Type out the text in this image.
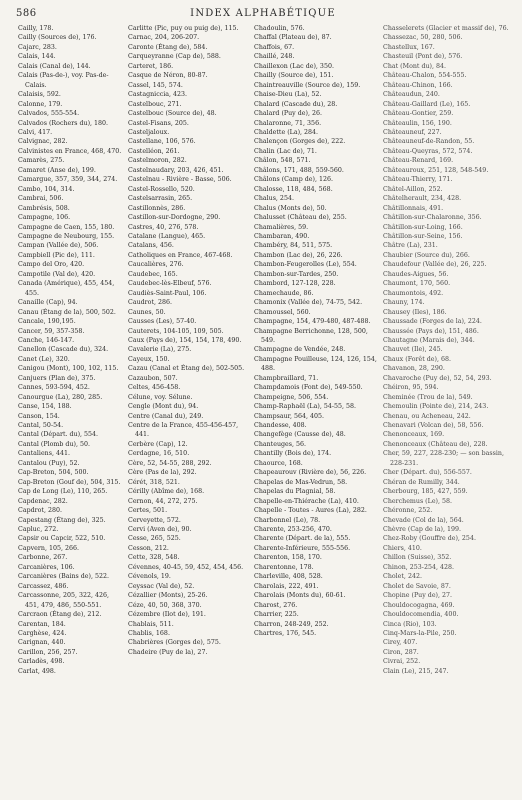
586	INDEX ALPHABÉTIQUE
Cailly, 178.
Cailly (Sources de), 176.
Cajarc, 283.
Calais, 144.
Calais (Canal de), 144.
Calais (Pas-de-), voy. Pas-de-Calais.
Calaisis, 592.
Calonne, 179.
Calvados, 555-554.
Calvados (Rochers du), 180.
Calvi, 417.
Calvignac, 282.
Calvinistes en France, 468, 470.
Camarès, 275.
Camaret (Anse de), 199.
Camargue, 357, 359, 344, 274.
Cambo, 104, 314.
Cambrai, 506.
Cambrésis, 508.
Campagne, 106.
Campagne de Caen, 155, 180.
Campagne de Neubourg, 155.
Campan (Vallée de), 506.
Campbiell (Pic de), 111.
Campo del Oro, 420.
Campotile (Val de), 420.
Canada (Amérique), 455, 454, 455.
Canaille (Cap), 94.
Canau (Étang de la), 500, 502.
Cancale, 190,195.
Cancer, 59, 357-358.
Canche, 146-147.
Canellon (Cascade du), 324.
Canet (Le), 320.
Canigou (Mont), 100, 102, 115.
Canjuers (Plan de), 375.
Cannes, 593-594, 452.
Canourgue (La), 280, 285.
Canse, 154, 188.
Canson, 154.
Cantal, 50-54.
Cantal (Départ. du), 554.
Cantal (Plomb du), 50.
Cantaliens, 441.
Cantalou (Puy), 52.
Cap-Breton, 504, 500.
Cap-Breton (Gouf de), 504, 315.
Cap de Long (Le), 110, 265.
Capdenac, 282.
Capdrot, 280.
Capestang (Étang de), 325.
Capluc, 272.
Capsir ou Capcir, 522, 510.
Capvern, 105, 266.
Carbonne, 267.
Carcanières, 106.
Carcanières (Bains de), 522.
Carcassez, 486.
Carcassonne, 205, 322, 426, 451, 479, 486, 550-551.
Carcraon (Étang de), 212.
Carentan, 184.
Carghèse, 424.
Carignan, 440.
Carillon, 256, 257.
Carladès, 498.
Carlat, 498.
Carlitte (Pic, puy ou puig de), 115.
Carnac, 204, 206-207.
Caronte (Étang de), 584.
Carqueyranne (Cap de), 588.
Carteret, 186.
Casque de Néron, 80-87.
Cassel, 145, 574.
Castagniccia, 423.
Castelbouc, 271.
Castelbouc (Source de), 48.
Castel-Fisans, 205.
Casteljaloux.
Castellane, 106, 576.
Castelléon, 261.
Castelmoron, 282.
Castelnaudary, 203, 426, 451.
Castelnau - Rivière - Basse, 506.
Castel-Rossello, 520.
Castelsarrasin, 265.
Castillonnès, 286.
Castillon-sur-Dordogne, 290.
Castres, 40, 276, 578.
Catalane (Langue), 465.
Catalans, 456.
Catholiques en France, 467-468.
Caucalières, 276.
Caudebec, 165.
Caudebec-lès-Elbeuf, 576.
Caudiès-Saint-Paul, 106.
Caudrot, 286.
Caunes, 50.
Causses (Les), 57-40.
Cauterets, 104-105, 109, 505.
Caux (Pays de), 154, 154, 178, 490.
Cavalerie (La), 275.
Cayeux, 150.
Cazau (Canal et Étang de), 502-505.
Cazaubon, 507.
Celtes, 456-458.
Célune, voy. Sélune.
Cengle (Mont du), 94.
Centre (Canal du), 249.
Centre de la France, 455-456-457, 441.
Cerbère (Cap), 12.
Cerdagne, 16, 510.
Cère, 52, 54-55, 288, 292.
Cère (Pas de la), 292.
Cérét, 318, 521.
Cérilly (Abîme de), 168.
Cernon, 44, 272, 275.
Certes, 501.
Cerveyette, 572.
Cervi (Aven de), 90.
Cesse, 265, 525.
Cesson, 212.
Cette, 328, 548.
Cévennes, 40-45, 59, 452, 454, 456.
Cévenols, 19.
Ceyssac (Val de), 52.
Cézallier (Monts), 25-26.
Céze, 40, 50, 368, 370.
Cézembre (Ilot de), 191.
Chablais, 511.
Chablis, 168.
Chabrières (Gorges de), 575.
Chadeire (Puy de la), 27.
Chadoulin, 576.
Chaffal (Plateau de), 87.
Chaffois, 67.
Chaillé, 248.
Chaillexon (Lac de), 350.
Chailly (Source de), 151.
Chaintreauville (Source de), 159.
Chaise-Dieu (La), 52.
Chalard (Cascade du), 28.
Chalard (Puy de), 26.
Chalaronne, 71, 356.
Chaldette (La), 284.
Chalençon (Gorges de), 222.
Chalin (Lac de), 71.
Châlon, 548, 571.
Châlons, 171, 488, 559-560.
Châlons (Camp de), 126.
Chalosse, 118, 484, 568.
Chalus, 254.
Chalus (Monts de), 50.
Chalusset (Château de), 255.
Chamalières, 59.
Chambaran, 490.
Chambéry, 84, 511, 575.
Chambon (Lac de), 26, 226.
Chambon-Feugerolles (Le), 554.
Chambon-sur-Tardes, 250.
Chambord, 127-128, 228.
Chamechaude, 86.
Chamonix (Vallée de), 74-75, 542.
Chamoussel, 560.
Champagne, 154, 479-480, 487-488.
Champagne Berrichonne, 128, 500, 549.
Champagne de Vendée, 248.
Champagne Pouilleuse, 124, 126, 154, 488.
Champbraillard, 71.
Champdamois (Font de), 549-550.
Champeigne, 506, 554.
Champ-Raphaël (La), 54-55, 58.
Champsaur, 564, 405.
Chandesse, 408.
Changefège (Causse de), 48.
Chanteuges, 56.
Chantilly (Bois de), 174.
Chaource, 168.
Chapeaurouv (Rivière de), 56, 226.
Chapelas de Mas-Vedrun, 58.
Chapelas du Plagnial, 58.
Chapelle-en-Thiérache (La), 410.
Chapelle - Toutes - Aures (La), 282.
Charbonnel (Le), 78.
Charente, 253-256, 470.
Charente (Départ. de la), 555.
Charente-Inférieure, 555-556.
Charenton, 158, 170.
Charentonne, 178.
Charleville, 408, 528.
Charolais, 222, 491.
Charolais (Monts du), 60-61.
Charost, 276.
Charrier, 225.
Charron, 248-249, 252.
Chartres, 176, 545.
Chasselerets (Glacier et massif de), 76.
Chassezac, 50, 280, 506.
Chastellux, 167.
Chasteuil (Pont de), 576.
Chat (Mont du), 84.
Château-Chalon, 554-555.
Château-Chinon, 166.
Châteaudun, 240.
Château-Gaillard (Le), 165.
Château-Gontier, 259.
Châteaulin, 156, 190.
Châteauneuf, 227.
Châteauneuf-de-Randon, 55.
Château-Queyras, 572, 574.
Château-Renard, 169.
Châteauroux, 251, 128, 548-549.
Château-Thierry, 171.
Châtel-Aillon, 252.
Châtelherault, 234, 428.
Châtillonnais, 491.
Châtillon-sur-Chalaronne, 356.
Châtillon-sur-Loing, 166.
Châtillon-sur-Seine, 156.
Châtre (La), 231.
Chaubier (Source du), 266.
Chaudefour (Vallée de), 26, 225.
Chaudes-Aigues, 56.
Chaumont, 170, 560.
Chaumontois, 492.
Chauny, 174.
Chausey (Iles), 186.
Chaussade (Forges de la), 224.
Chaussée (Pays de), 151, 486.
Chautagne (Marais de), 344.
Chauvet (Ile), 245.
Chaux (Forêt de), 68.
Chavanon, 28, 290.
Chavaroche (Puy de), 52, 54, 293.
Chéiron, 95, 594.
Cheminée (Trou de la), 549.
Chemoulin (Pointe de), 214, 243.
Chenau, ou Acheneau, 242.
Chenavari (Volcan de), 58, 556.
Chenonceaux, 169.
Chenonceaux (Château de), 228.
Cher, 59, 227, 228-230; — son bassin, 228-231.
Cher (Départ. du), 556-557.
Chéran de Rumilly, 344.
Cherbourg, 185, 427, 559.
Cherchemus (Le), 58.
Chéronne, 252.
Chevade (Col de la), 564.
Chèvre (Cap de la), 199.
Chez-Roby (Gouffre de), 254.
Chiers, 410.
Chillon (Suisse), 352.
Chinon, 253-254, 428.
Cholet, 242.
Cholet de Savoie, 87.
Chopine (Puy de), 27.
Chouldocogagna, 469.
Chouldocomendia, 400.
Cinca (Rio), 103.
Cinq-Mars-la-Pile, 250.
Cirey, 407.
Ciron, 287.
Civrai, 252.
Clain (Le), 215, 247.
